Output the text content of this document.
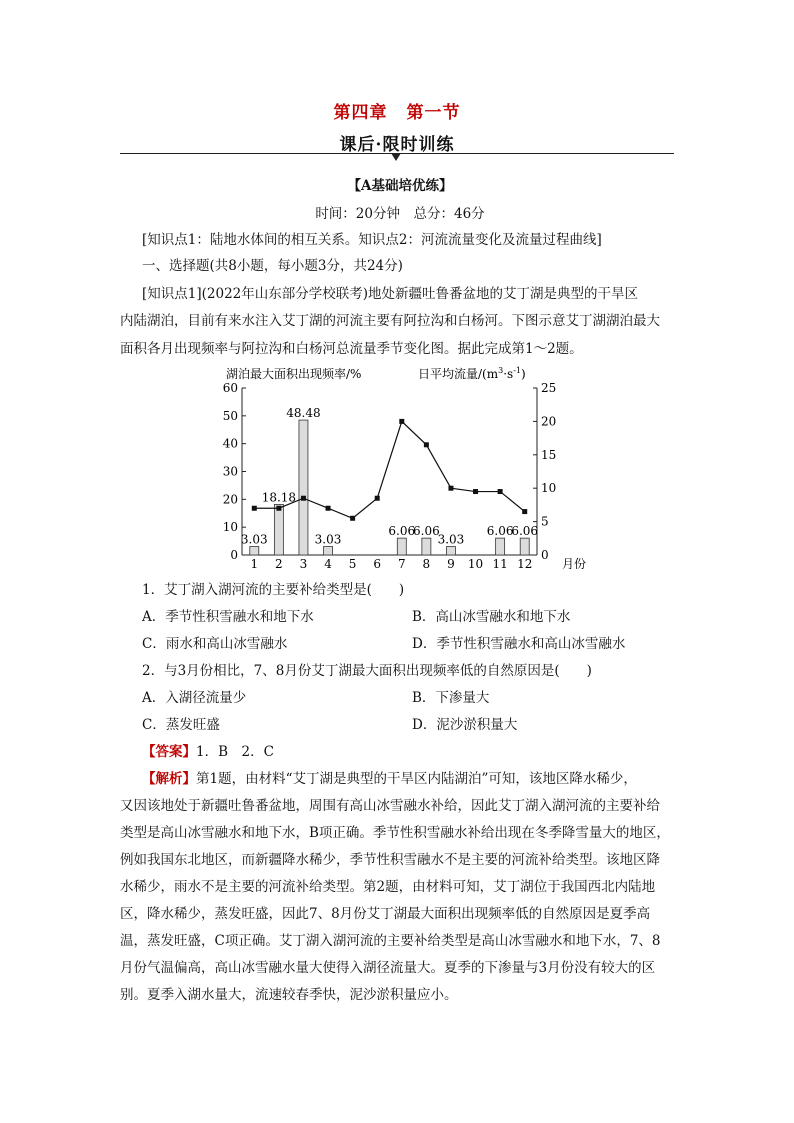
第四章 第一节
课后·限时训练
【A基础培优练】
时间：20分钟　总分：46分
[知识点1：陆地水体间的相互关系。知识点2：河流流量变化及流量过程曲线]
一、选择题(共8小题，每小题3分，共24分)
[知识点1](2022年山东部分学校联考)地处新疆吐鲁番盆地的艾丁湖是典型的干旱区
内陆湖泊，目前有来水注入艾丁湖的河流主要有阿拉沟和白杨河。下图示意艾丁湖湖泊最大
面积各月出现频率与阿拉沟和白杨河总流量季节变化图。据此完成第1～2题。
湖泊最大面积出现频率/%	日平均流量$/(m^3\cdot s^{-1})$
0
10
20
30
40
50
60
0
5
10
15
20
25
3.03
18.18
48.48
3.03
6.06
6.06
3.03
6.06
6.06
1 2 3 4 5 6 7 8 9 10 11 12 月份
1．艾丁湖入湖河流的主要补给类型是(　　)
A．季节性积雪融水和地下水	B．高山冰雪融水和地下水
C．雨水和高山冰雪融水	D．季节性积雪融水和高山冰雪融水
2．与3月份相比，7、8月份艾丁湖最大面积出现频率低的自然原因是(　　)
A．入湖径流量少	B．下渗量大
C．蒸发旺盛	D．泥沙淤积量大
【答案】1．B　2．C
【解析】第1题，由材料“艾丁湖是典型的干旱区内陆湖泊”可知，该地区降水稀少，
又因该地处于新疆吐鲁番盆地，周围有高山冰雪融水补给，因此艾丁湖入湖河流的主要补给
类型是高山冰雪融水和地下水，B项正确。季节性积雪融水补给出现在冬季降雪量大的地区，
例如我国东北地区，而新疆降水稀少，季节性积雪融水不是主要的河流补给类型。该地区降
水稀少，雨水不是主要的河流补给类型。第2题，由材料可知，艾丁湖位于我国西北内陆地
区，降水稀少，蒸发旺盛，因此7、8月份艾丁湖最大面积出现频率低的自然原因是夏季高
温，蒸发旺盛，C项正确。艾丁湖入湖河流的主要补给类型是高山冰雪融水和地下水，7、8
月份气温偏高，高山冰雪融水量大使得入湖径流量大。夏季的下渗量与3月份没有较大的区
别。夏季入湖水量大，流速较春季快，泥沙淤积量应小。
